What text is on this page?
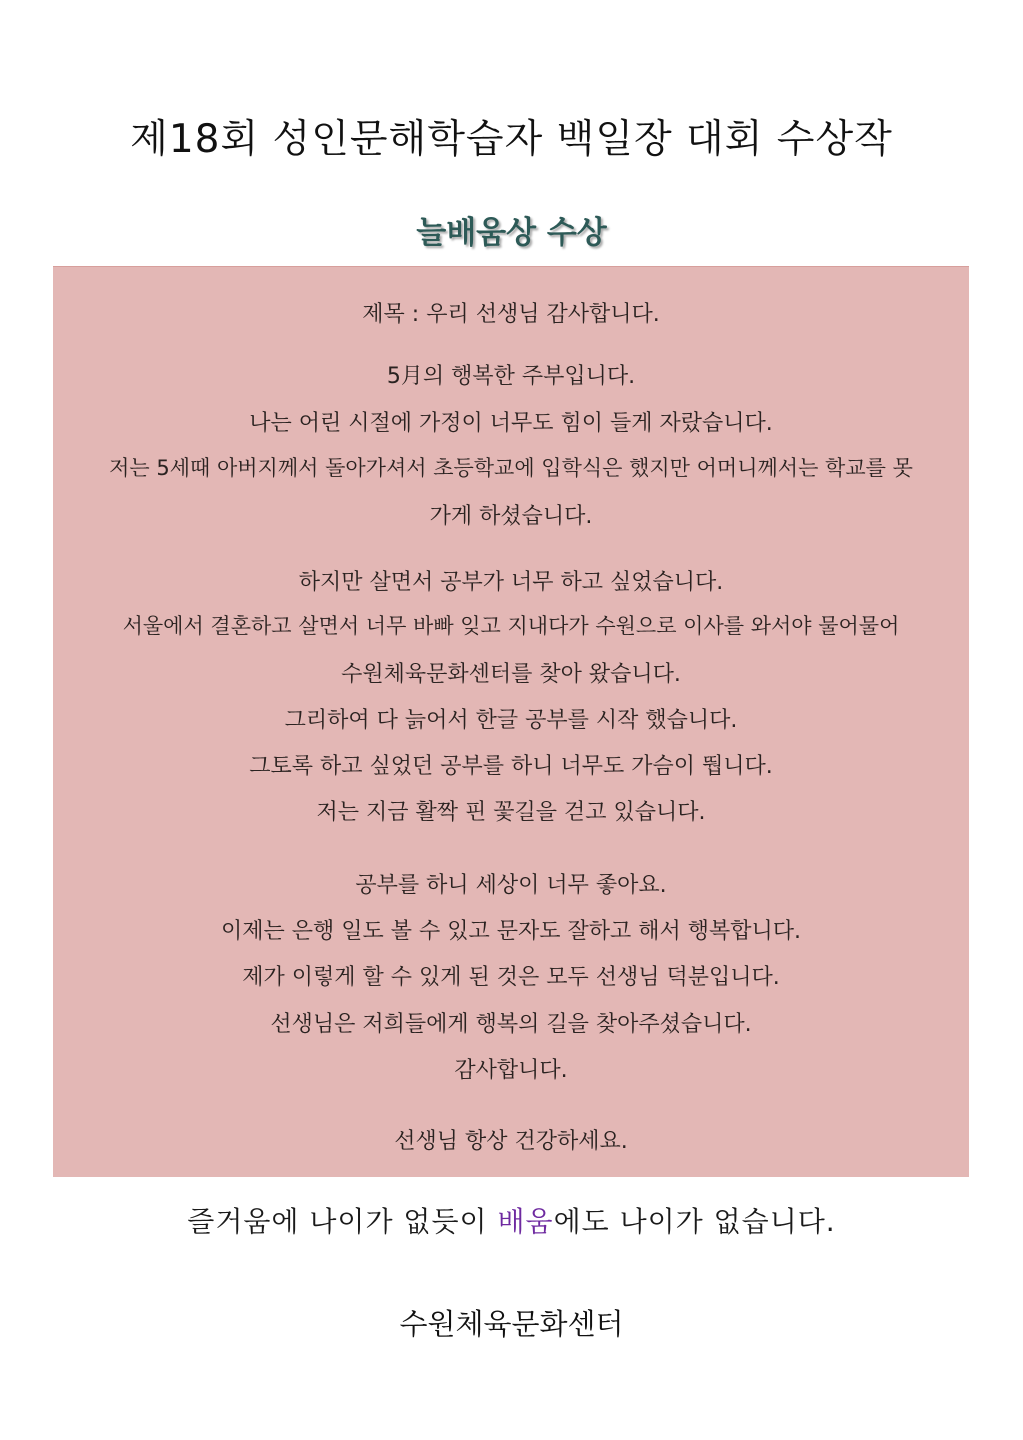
제18회 성인문해학습자 백일장 대회 수상작
늘배움상 수상
제목 : 우리 선생님 감사합니다.
5月의 행복한 주부입니다.
나는 어린 시절에 가정이 너무도 힘이 들게 자랐습니다.
저는 5세때 아버지께서 돌아가셔서 초등학교에 입학식은 했지만 어머니께서는 학교를 못
가게 하셨습니다.
하지만 살면서 공부가 너무 하고 싶었습니다.
서울에서 결혼하고 살면서 너무 바빠 잊고 지내다가 수원으로 이사를 와서야 물어물어
수원체육문화센터를 찾아 왔습니다.
그리하여 다 늙어서 한글 공부를 시작 했습니다.
그토록 하고 싶었던 공부를 하니 너무도 가슴이 뛉니다.
저는 지금 활짝 핀 꽃길을 걷고 있습니다.
공부를 하니 세상이 너무 좋아요.
이제는 은행 일도 볼 수 있고 문자도 잘하고 해서 행복합니다.
제가 이렇게 할 수 있게 된 것은 모두 선생님 덕분입니다.
선생님은 저희들에게 행복의 길을 찾아주셨습니다.
감사합니다.
선생님 항상 건강하세요.
즐거움에 나이가 없듯이 배움에도 나이가 없습니다.
수원체육문화센터
